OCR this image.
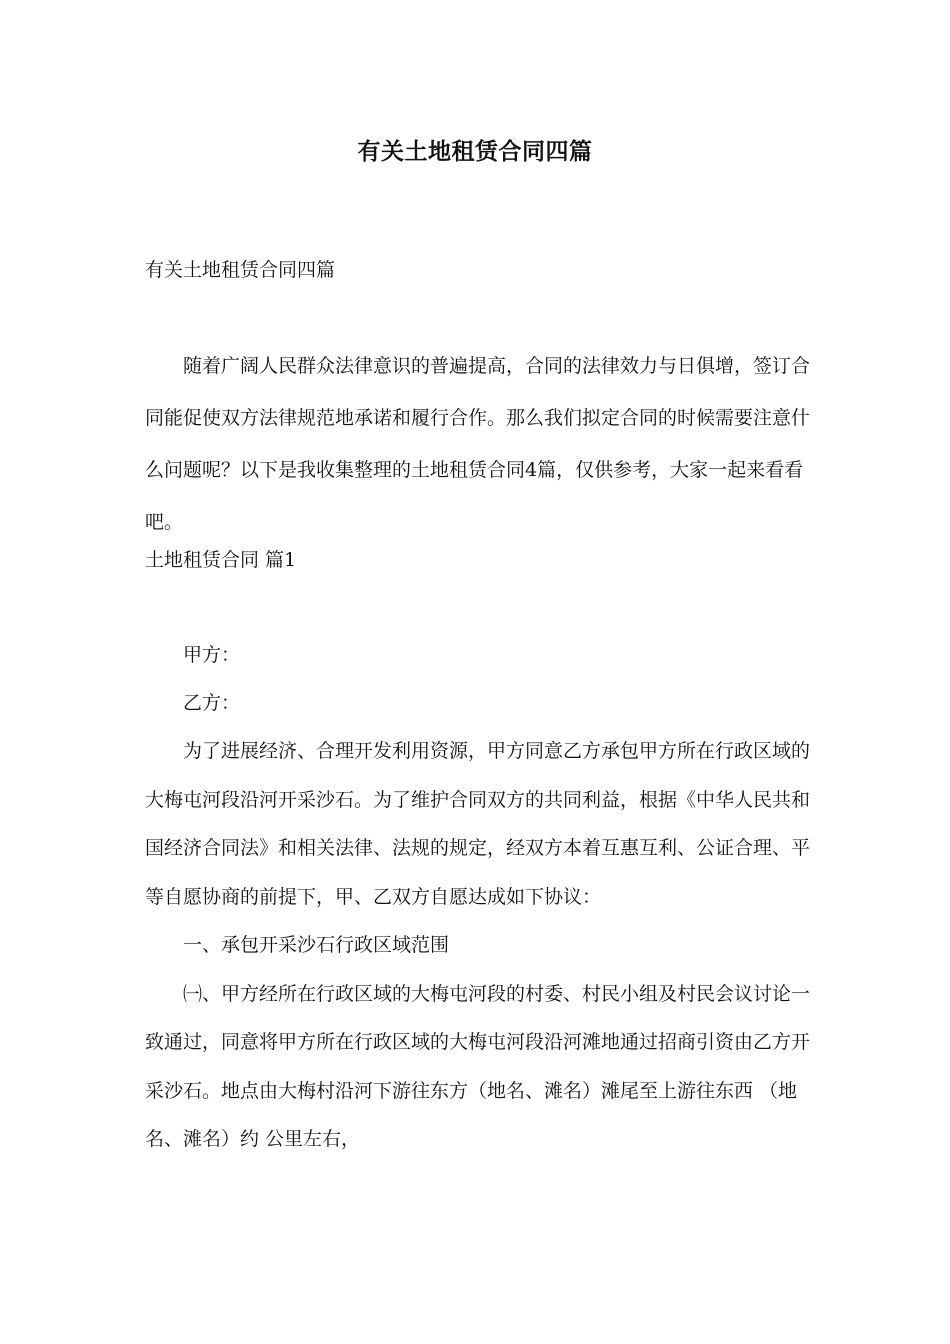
有关土地租赁合同四篇
有关土地租赁合同四篇
随着广阔人民群众法律意识的普遍提高，合同的法律效力与日俱增，签订合同能促使双方法律规范地承诺和履行合作。那么我们拟定合同的时候需要注意什么问题呢？以下是我收集整理的土地租赁合同4篇，仅供参考，大家一起来看看吧。
土地租赁合同 篇1

甲方：

乙方：

为了进展经济、合理开发利用资源，甲方同意乙方承包甲方所在行政区域的大梅屯河段沿河开采沙石。为了维护合同双方的共同利益，根据《中华人民共和国经济合同法》和相关法律、法规的规定，经双方本着互惠互利、公证合理、平等自愿协商的前提下，甲、乙双方自愿达成如下协议：

一、承包开采沙石行政区域范围

㈠、甲方经所在行政区域的大梅屯河段的村委、村民小组及村民会议讨论一致通过，同意将甲方所在行政区域的大梅屯河段沿河滩地通过招商引资由乙方开采沙石。地点由大梅村沿河下游往东方（地名、滩名）滩尾至上游往东西 （地名、滩名）约 公里左右，
